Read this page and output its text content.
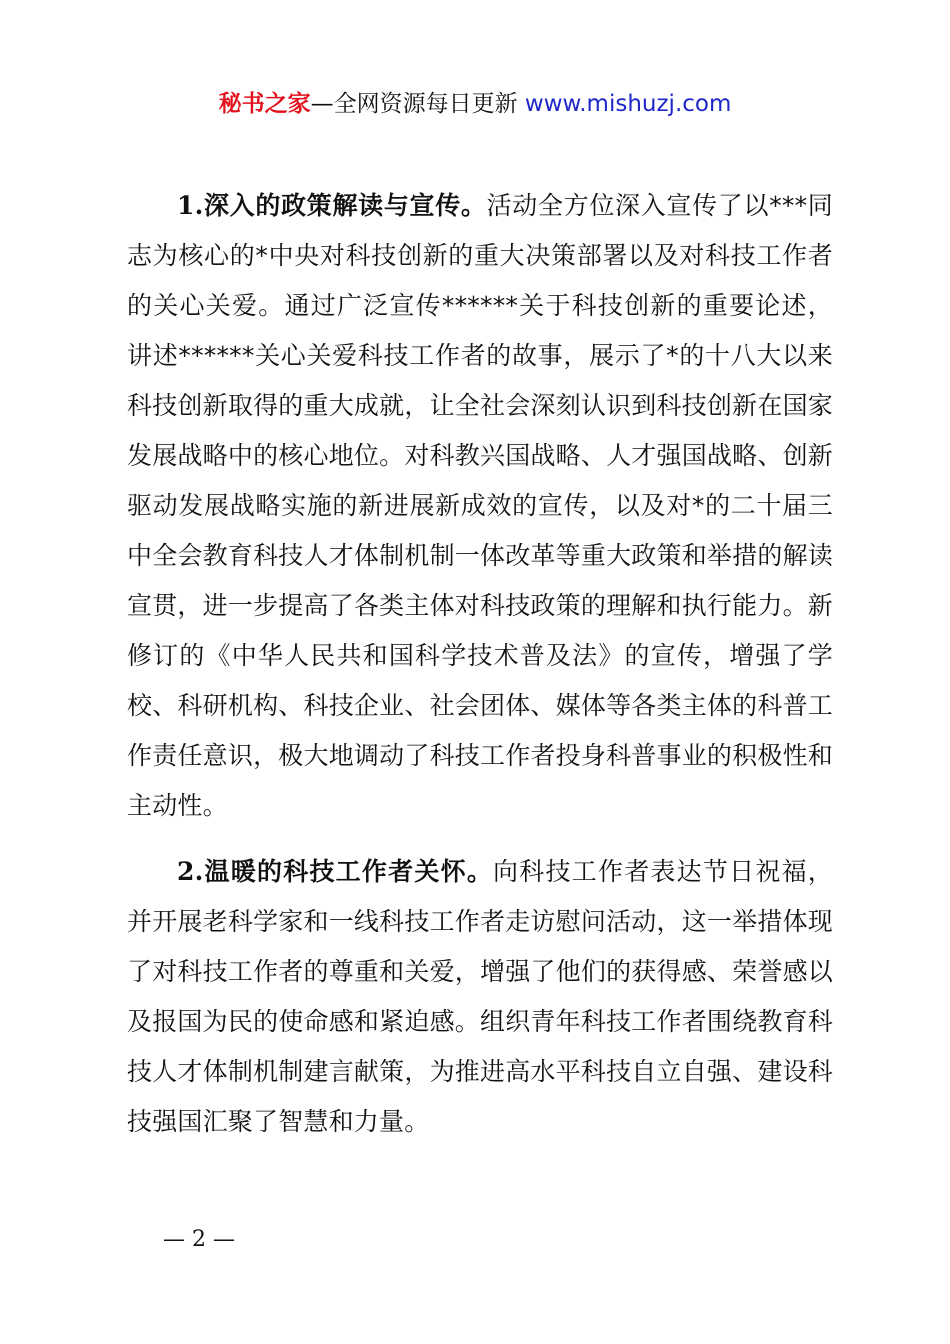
秘书之家—全网资源每日更新 www.mishuzj.com

1.深入的政策解读与宣传。活动全方位深入宣传了以***同志为核心的*中央对科技创新的重大决策部署以及对科技工作者的关心关爱。通过广泛宣传******关于科技创新的重要论述，讲述******关心关爱科技工作者的故事，展示了*的十八大以来科技创新取得的重大成就，让全社会深刻认识到科技创新在国家发展战略中的核心地位。对科教兴国战略、人才强国战略、创新驱动发展战略实施的新进展新成效的宣传，以及对*的二十届三中全会教育科技人才体制机制一体改革等重大政策和举措的解读宣贯，进一步提高了各类主体对科技政策的理解和执行能力。新修订的《中华人民共和国科学技术普及法》的宣传，增强了学校、科研机构、科技企业、社会团体、媒体等各类主体的科普工作责任意识，极大地调动了科技工作者投身科普事业的积极性和主动性。

2.温暖的科技工作者关怀。向科技工作者表达节日祝福，并开展老科学家和一线科技工作者走访慰问活动，这一举措体现了对科技工作者的尊重和关爱，增强了他们的获得感、荣誉感以及报国为民的使命感和紧迫感。组织青年科技工作者围绕教育科技人才体制机制建言献策，为推进高水平科技自立自强、建设科技强国汇聚了智慧和力量。

— 2 —
